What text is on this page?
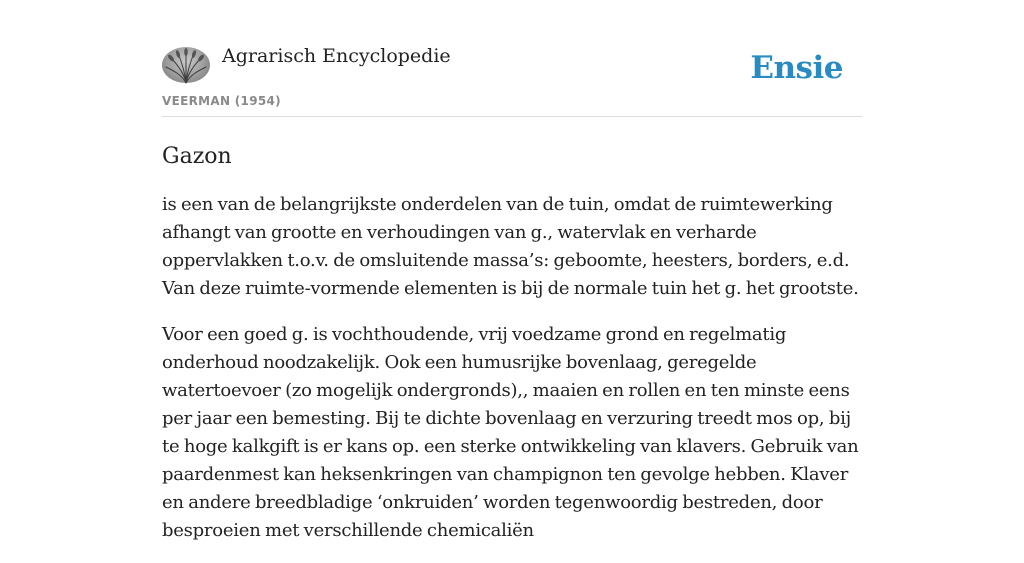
Agrarisch Encyclopedie
VEERMAN (1954)
Ensie
Gazon

is een van de belangrijkste onderdelen van de tuin, omdat de ruimtewerking afhangt van grootte en verhoudingen van g., watervlak en verharde oppervlakken t.o.v. de omsluitende massa’s: geboomte, heesters, borders, e.d. Van deze ruimte-vormende elementen is bij de normale tuin het g. het grootste.

Voor een goed g. is vochthoudende, vrij voedzame grond en regelmatig onderhoud noodzakelijk. Ook een humusrijke bovenlaag, geregelde watertoevoer (zo mogelijk ondergronds),, maaien en rollen en ten minste eens per jaar een bemesting. Bij te dichte bovenlaag en verzuring treedt mos op, bij te hoge kalkgift is er kans op. een sterke ontwikkeling van klavers. Gebruik van paardenmest kan heksenkringen van champignon ten gevolge hebben. Klaver en andere breedbladige ‘onkruiden’ worden tegenwoordig bestreden, door besproeien met verschillende chemicaliën
